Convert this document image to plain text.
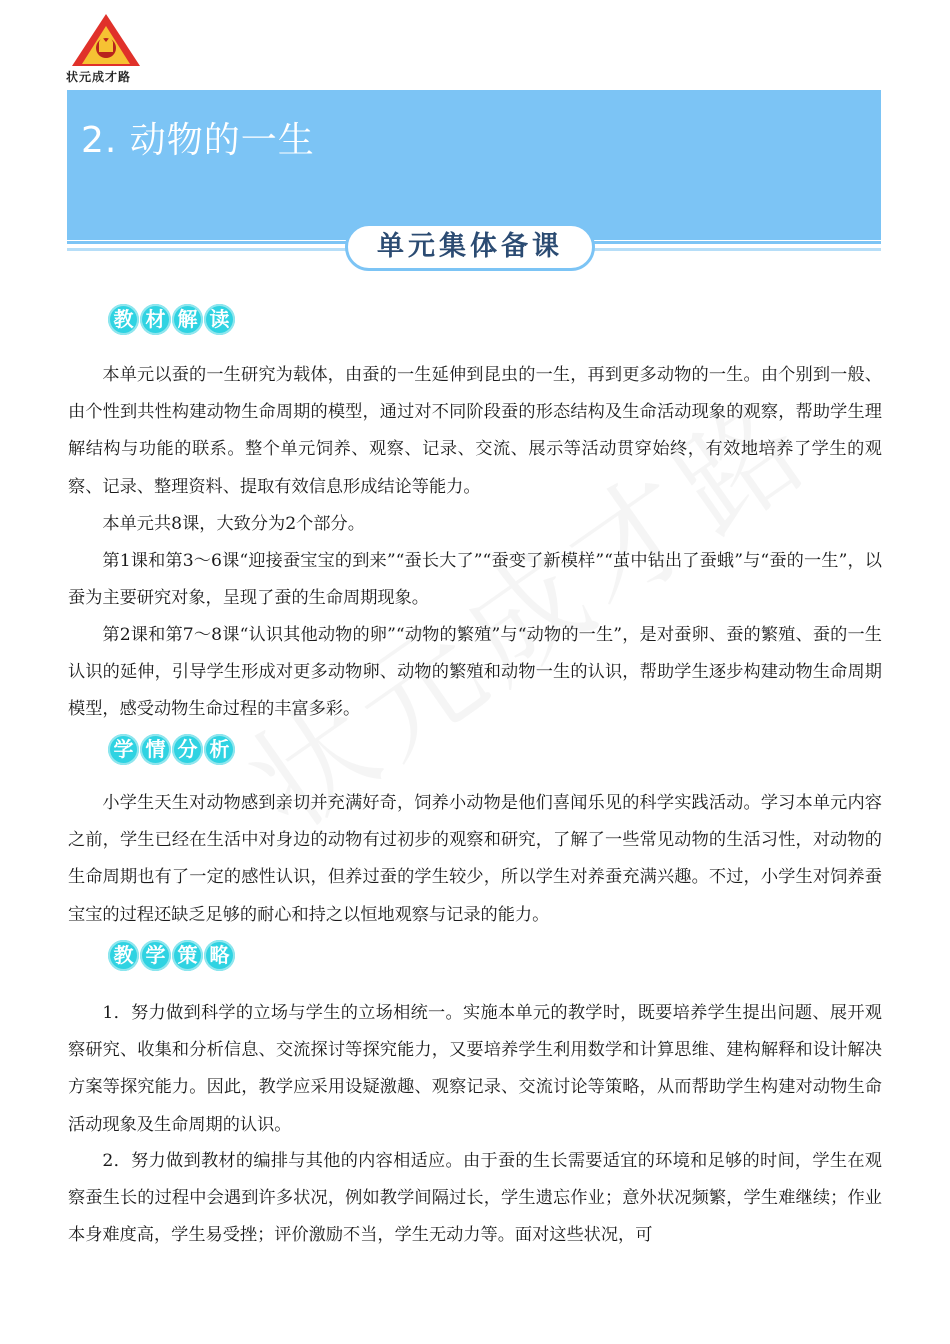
状元成才路
2. 动物的一生
单元集体备课
教 材 解 读

本单元以蚕的一生研究为载体，由蚕的一生延伸到昆虫的一生，再到更多动物的一生。由个别到一般、由个性到共性构建动物生命周期的模型，通过对不同阶段蚕的形态结构及生命活动现象的观察，帮助学生理解结构与功能的联系。整个单元饲养、观察、记录、交流、展示等活动贯穿始终，有效地培养了学生的观察、记录、整理资料、提取有效信息形成结论等能力。

本单元共8课，大致分为2个部分。

第1课和第3～6课“迎接蚕宝宝的到来”“蚕长大了”“蚕变了新模样”“茧中钻出了蚕蛾”与“蚕的一生”，以蚕为主要研究对象，呈现了蚕的生命周期现象。

第2课和第7～8课“认识其他动物的卵”“动物的繁殖”与“动物的一生”，是对蚕卵、蚕的繁殖、蚕的一生认识的延伸，引导学生形成对更多动物卵、动物的繁殖和动物一生的认识，帮助学生逐步构建动物生命周期模型，感受动物生命过程的丰富多彩。

学 情 分 析

小学生天生对动物感到亲切并充满好奇，饲养小动物是他们喜闻乐见的科学实践活动。学习本单元内容之前，学生已经在生活中对身边的动物有过初步的观察和研究，了解了一些常见动物的生活习性，对动物的生命周期也有了一定的感性认识，但养过蚕的学生较少，所以学生对养蚕充满兴趣。不过，小学生对饲养蚕宝宝的过程还缺乏足够的耐心和持之以恒地观察与记录的能力。

教 学 策 略

1．努力做到科学的立场与学生的立场相统一。实施本单元的教学时，既要培养学生提出问题、展开观察研究、收集和分析信息、交流探讨等探究能力，又要培养学生利用数学和计算思维、建构解释和设计解决方案等探究能力。因此，教学应采用设疑激趣、观察记录、交流讨论等策略，从而帮助学生构建对动物生命活动现象及生命周期的认识。

2．努力做到教材的编排与其他的内容相适应。由于蚕的生长需要适宜的环境和足够的时间，学生在观察蚕生长的过程中会遇到许多状况，例如教学间隔过长，学生遗忘作业；意外状况频繁，学生难继续；作业本身难度高，学生易受挫；评价激励不当，学生无动力等。面对这些状况，可
